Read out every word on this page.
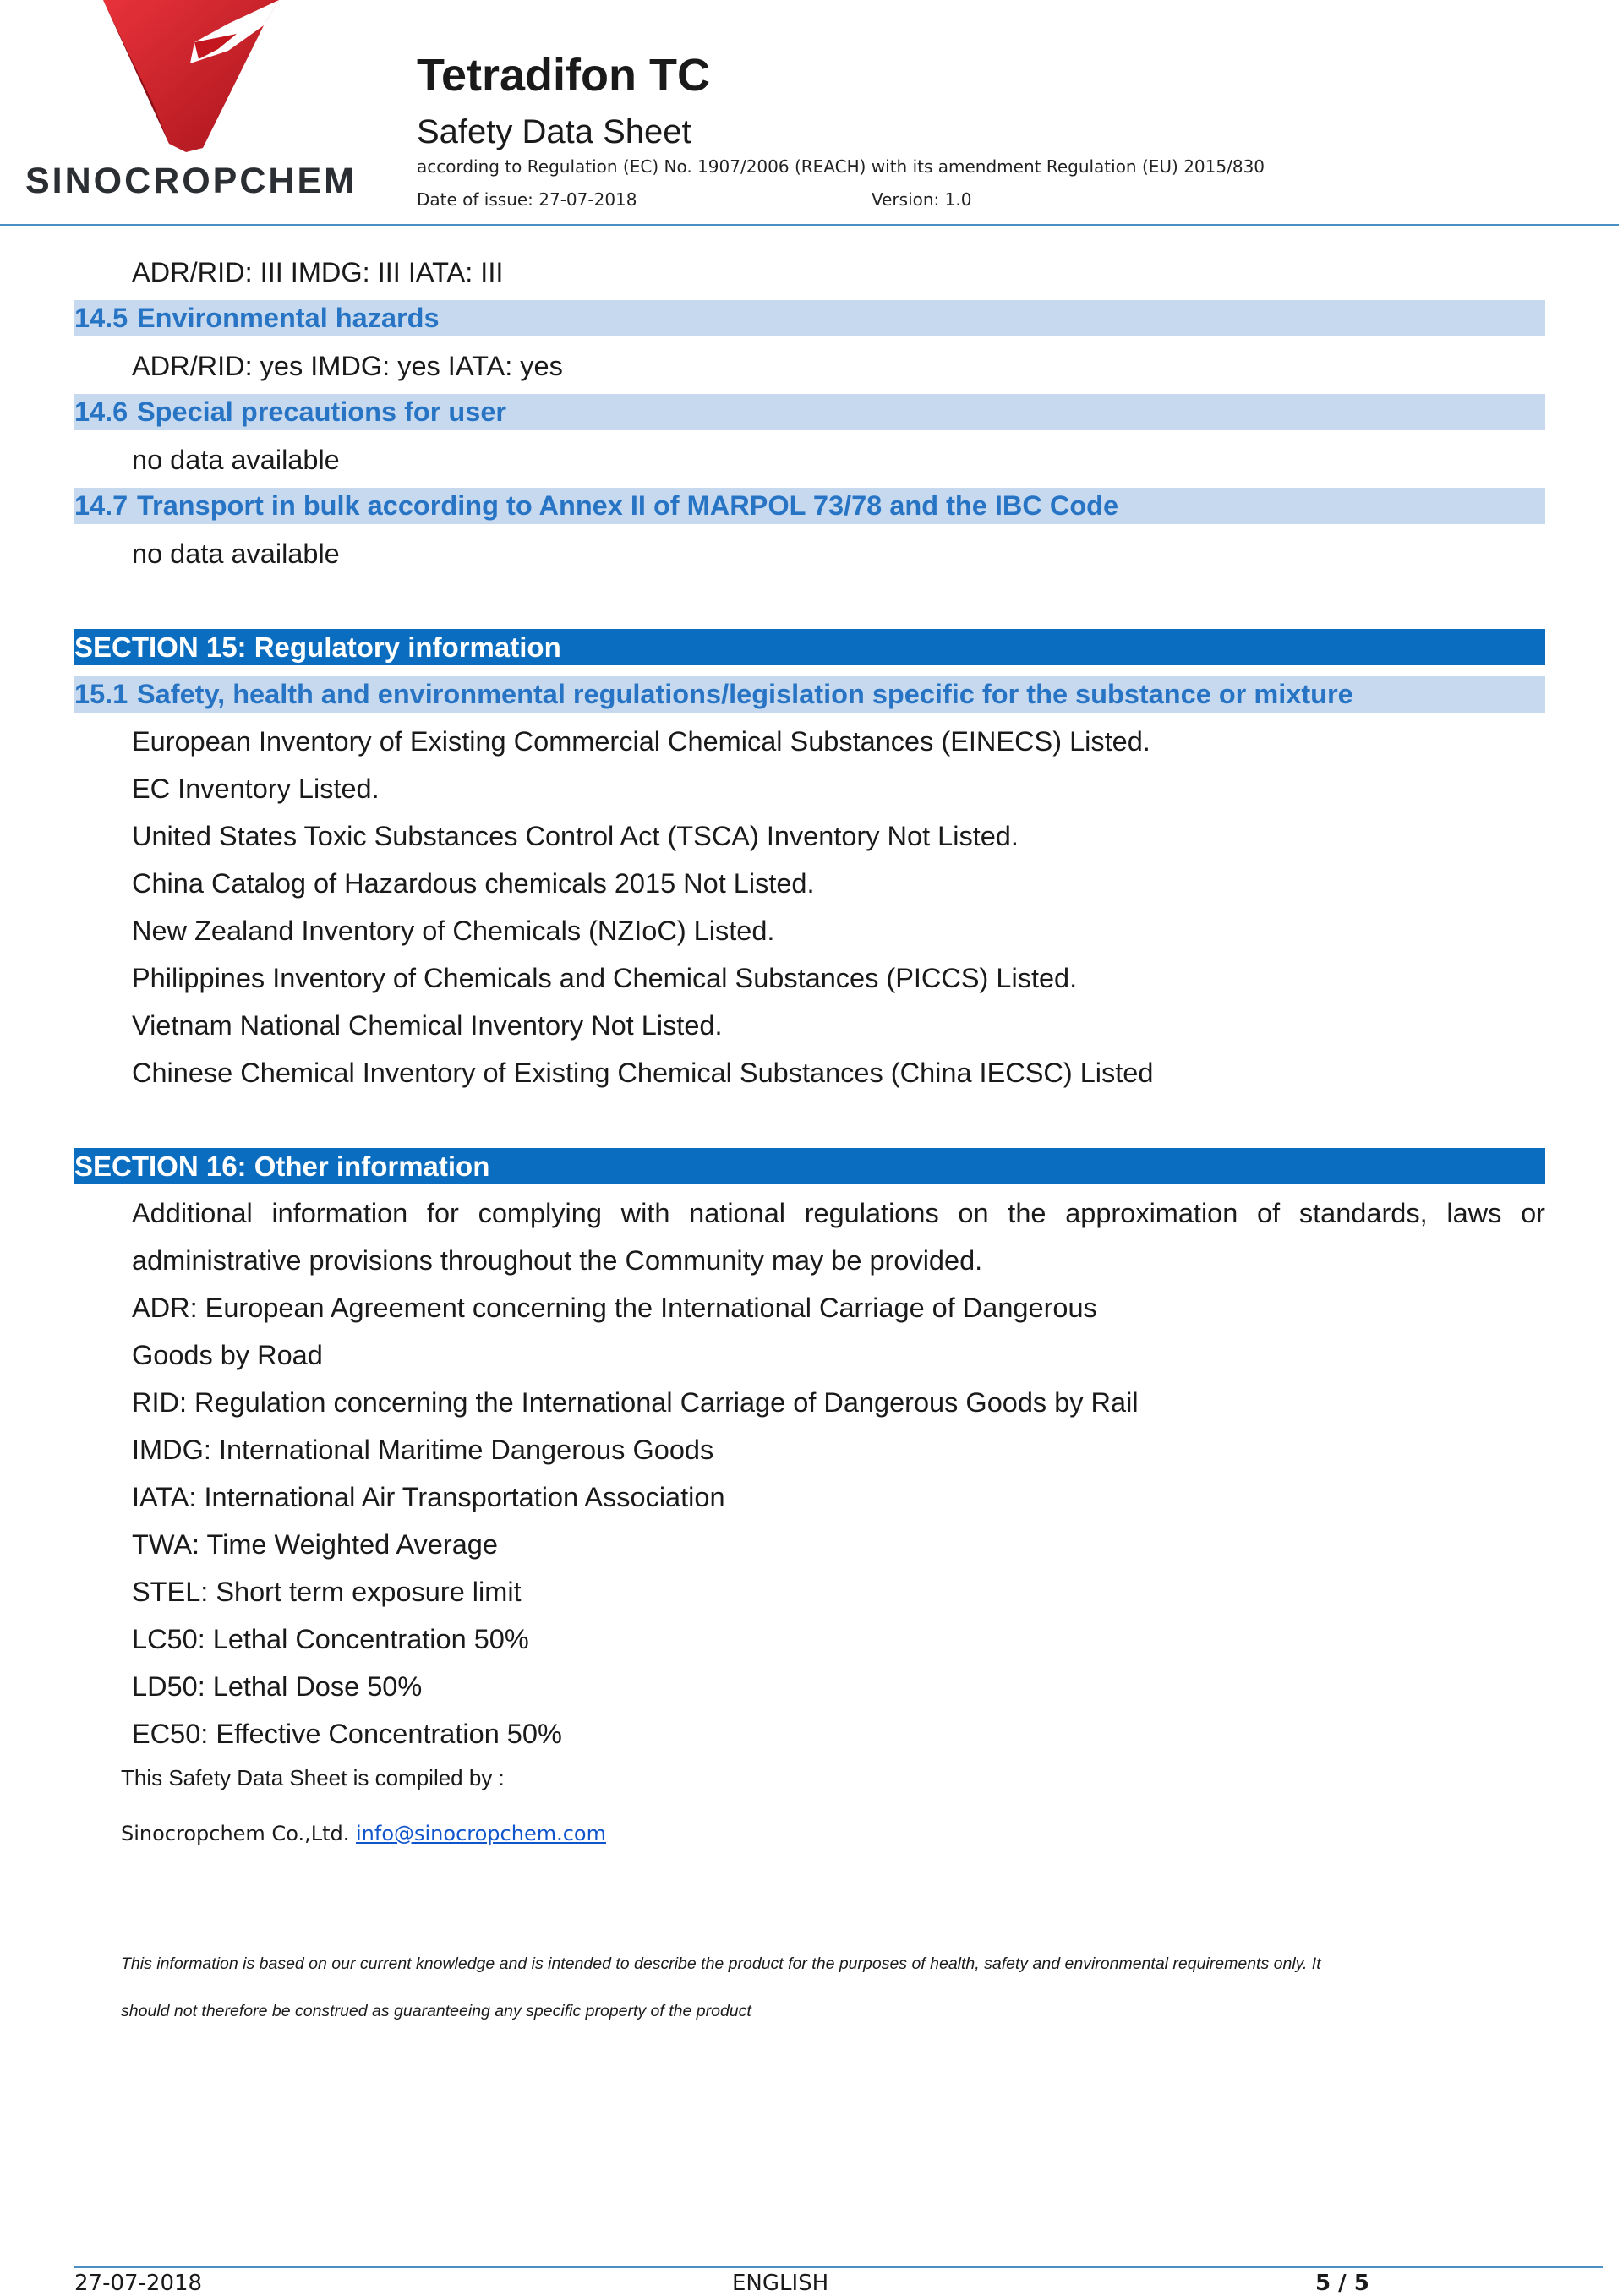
SINOCROPCHEM
Tetradifon TC
Safety Data Sheet
according to Regulation (EC) No. 1907/2006 (REACH) with its amendment Regulation (EU) 2015/830
Date of issue: 27-07-2018	Version: 1.0
ADR/RID: III IMDG: III IATA: III
14.5 Environmental hazards
ADR/RID: yes IMDG: yes IATA: yes
14.6 Special precautions for user
no data available
14.7 Transport in bulk according to Annex II of MARPOL 73/78 and the IBC Code
no data available
SECTION 15: Regulatory information
15.1 Safety, health and environmental regulations/legislation specific for the substance or mixture
European Inventory of Existing Commercial Chemical Substances (EINECS) Listed.
EC Inventory Listed.
United States Toxic Substances Control Act (TSCA) Inventory Not Listed.
China Catalog of Hazardous chemicals 2015 Not Listed.
New Zealand Inventory of Chemicals (NZIoC) Listed.
Philippines Inventory of Chemicals and Chemical Substances (PICCS) Listed.
Vietnam National Chemical Inventory Not Listed.
Chinese Chemical Inventory of Existing Chemical Substances (China IECSC) Listed
SECTION 16: Other information
Additional information for complying with national regulations on the approximation of standards, laws or
administrative provisions throughout the Community may be provided.
ADR: European Agreement concerning the International Carriage of Dangerous
Goods by Road
RID: Regulation concerning the International Carriage of Dangerous Goods by Rail
IMDG: International Maritime Dangerous Goods
IATA: International Air Transportation Association
TWA: Time Weighted Average
STEL: Short term exposure limit
LC50: Lethal Concentration 50%
LD50: Lethal Dose 50%
EC50: Effective Concentration 50%
This Safety Data Sheet is compiled by :
Sinocropchem Co.,Ltd. info@sinocropchem.com
This information is based on our current knowledge and is intended to describe the product for the purposes of health, safety and environmental requirements only. It
should not therefore be construed as guaranteeing any specific property of the product
27-07-2018	ENGLISH	5 / 5
